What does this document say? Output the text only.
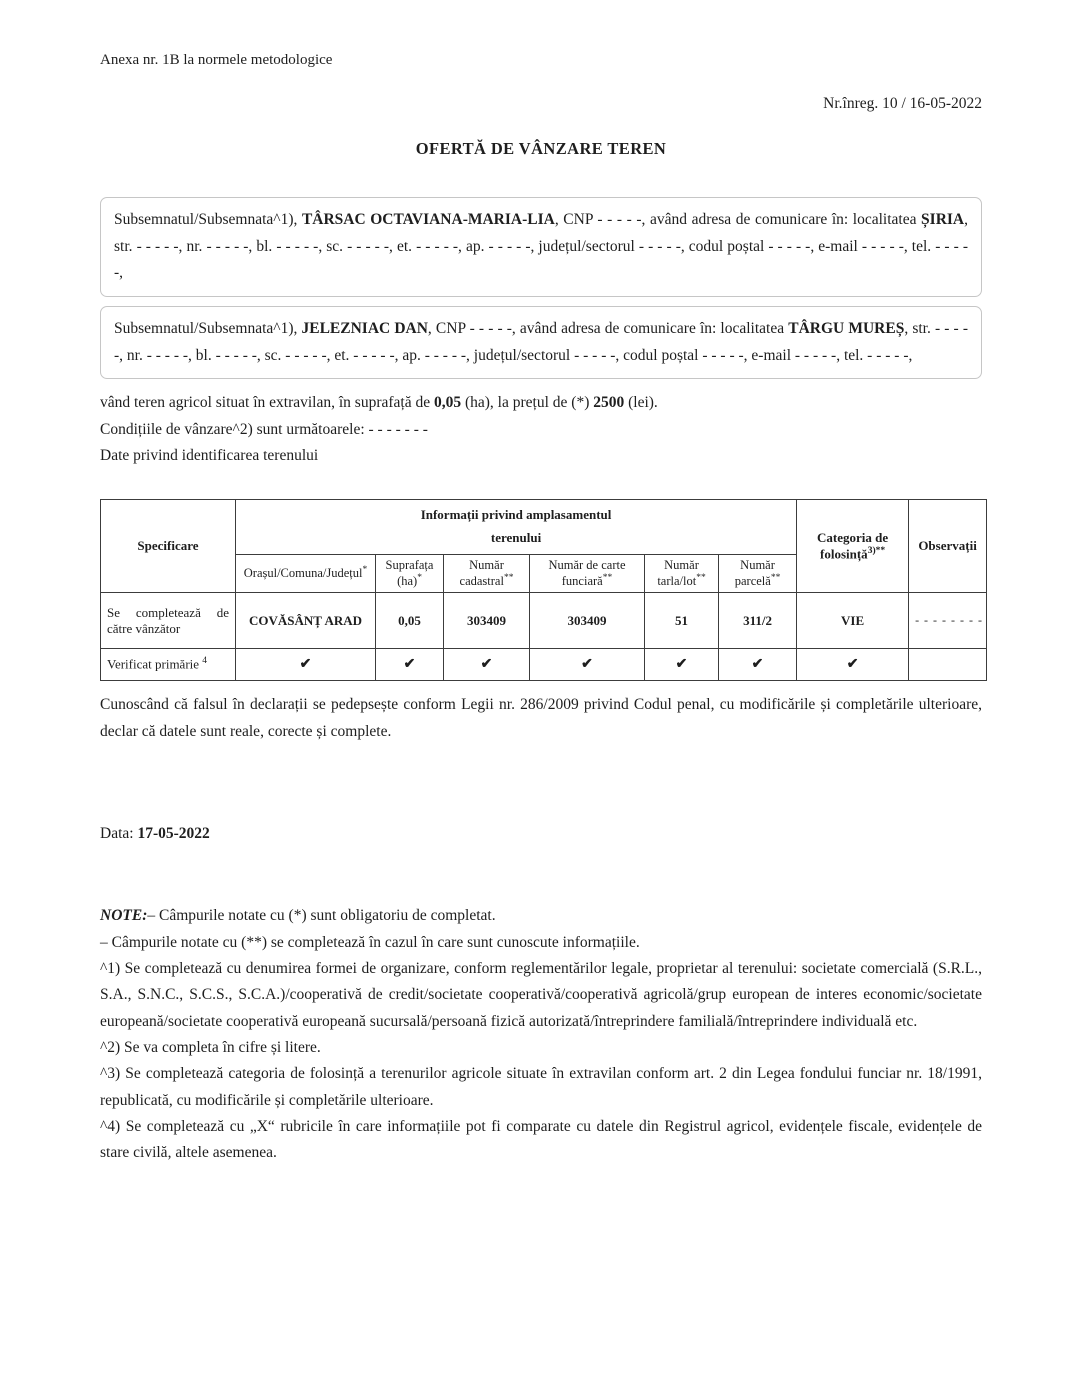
Anexa nr. 1B la normele metodologice
Nr.înreg. 10 / 16-05-2022
OFERTĂ DE VÂNZARE TEREN

Subsemnatul/Subsemnata^1), TÂRSAC OCTAVIANA-MARIA-LIA, CNP - - - - -, având adresa de comunicare în: localitatea ȘIRIA, str. - - - - -, nr. - - - - -, bl. - - - - -, sc. - - - - -, et. - - - - -, ap. - - - - -, județul/sectorul - - - - -, codul poștal - - - - -, e-mail - - - - -, tel. - - - - -,

Subsemnatul/Subsemnata^1), JELEZNIAC DAN, CNP - - - - -, având adresa de comunicare în: localitatea TÂRGU MUREȘ, str. - - - - -, nr. - - - - -, bl. - - - - -, sc. - - - - -, et. - - - - -, ap. - - - - -, județul/sectorul - - - - -, codul poștal - - - - -, e-mail - - - - -, tel. - - - - -,

vând teren agricol situat în extravilan, în suprafață de 0,05 (ha), la prețul de (*) 2500 (lei).

Condițiile de vânzare^2) sunt următoarele: - - - - - - -

Date privind identificarea terenului

Specificare	Informații privind amplasamentul
terenului						Categoria de folosință$^{3)**}$	Observații
	Orașul/Comuna/Județul*	Suprafața (ha)*	Număr cadastral**	Număr de carte funciară**	Număr tarla/lot**	Număr parcelă**
Se completează de către vânzător	COVĂSÂNȚ ARAD	0,05	303409	303409	51	311/2	VIE	- - - - - - - -
Verificat primărie $^4$	✔	✔	✔	✔	✔	✔	✔	

Cunoscând că falsul în declarații se pedepsește conform Legii nr. 286/2009 privind Codul penal, cu modificările și completările ulterioare, declar că datele sunt reale, corecte și complete.

Data: 17-05-2022

NOTE:– Câmpurile notate cu (*) sunt obligatoriu de completat.

– Câmpurile notate cu (**) se completează în cazul în care sunt cunoscute informațiile.

^1) Se completează cu denumirea formei de organizare, conform reglementărilor legale, proprietar al terenului: societate comercială (S.R.L., S.A., S.N.C., S.C.S., S.C.A.)/cooperativă de credit/societate cooperativă/cooperativă agricolă/grup european de interes economic/societate europeană/societate cooperativă europeană sucursală/persoană fizică autorizată/întreprindere familială/întreprindere individuală etc.

^2) Se va completa în cifre și litere.

^3) Se completează categoria de folosință a terenurilor agricole situate în extravilan conform art. 2 din Legea fondului funciar nr. 18/1991, republicată, cu modificările și completările ulterioare.

^4) Se completează cu „X“ rubricile în care informațiile pot fi comparate cu datele din Registrul agricol, evidențele fiscale, evidențele de stare civilă, altele asemenea.
